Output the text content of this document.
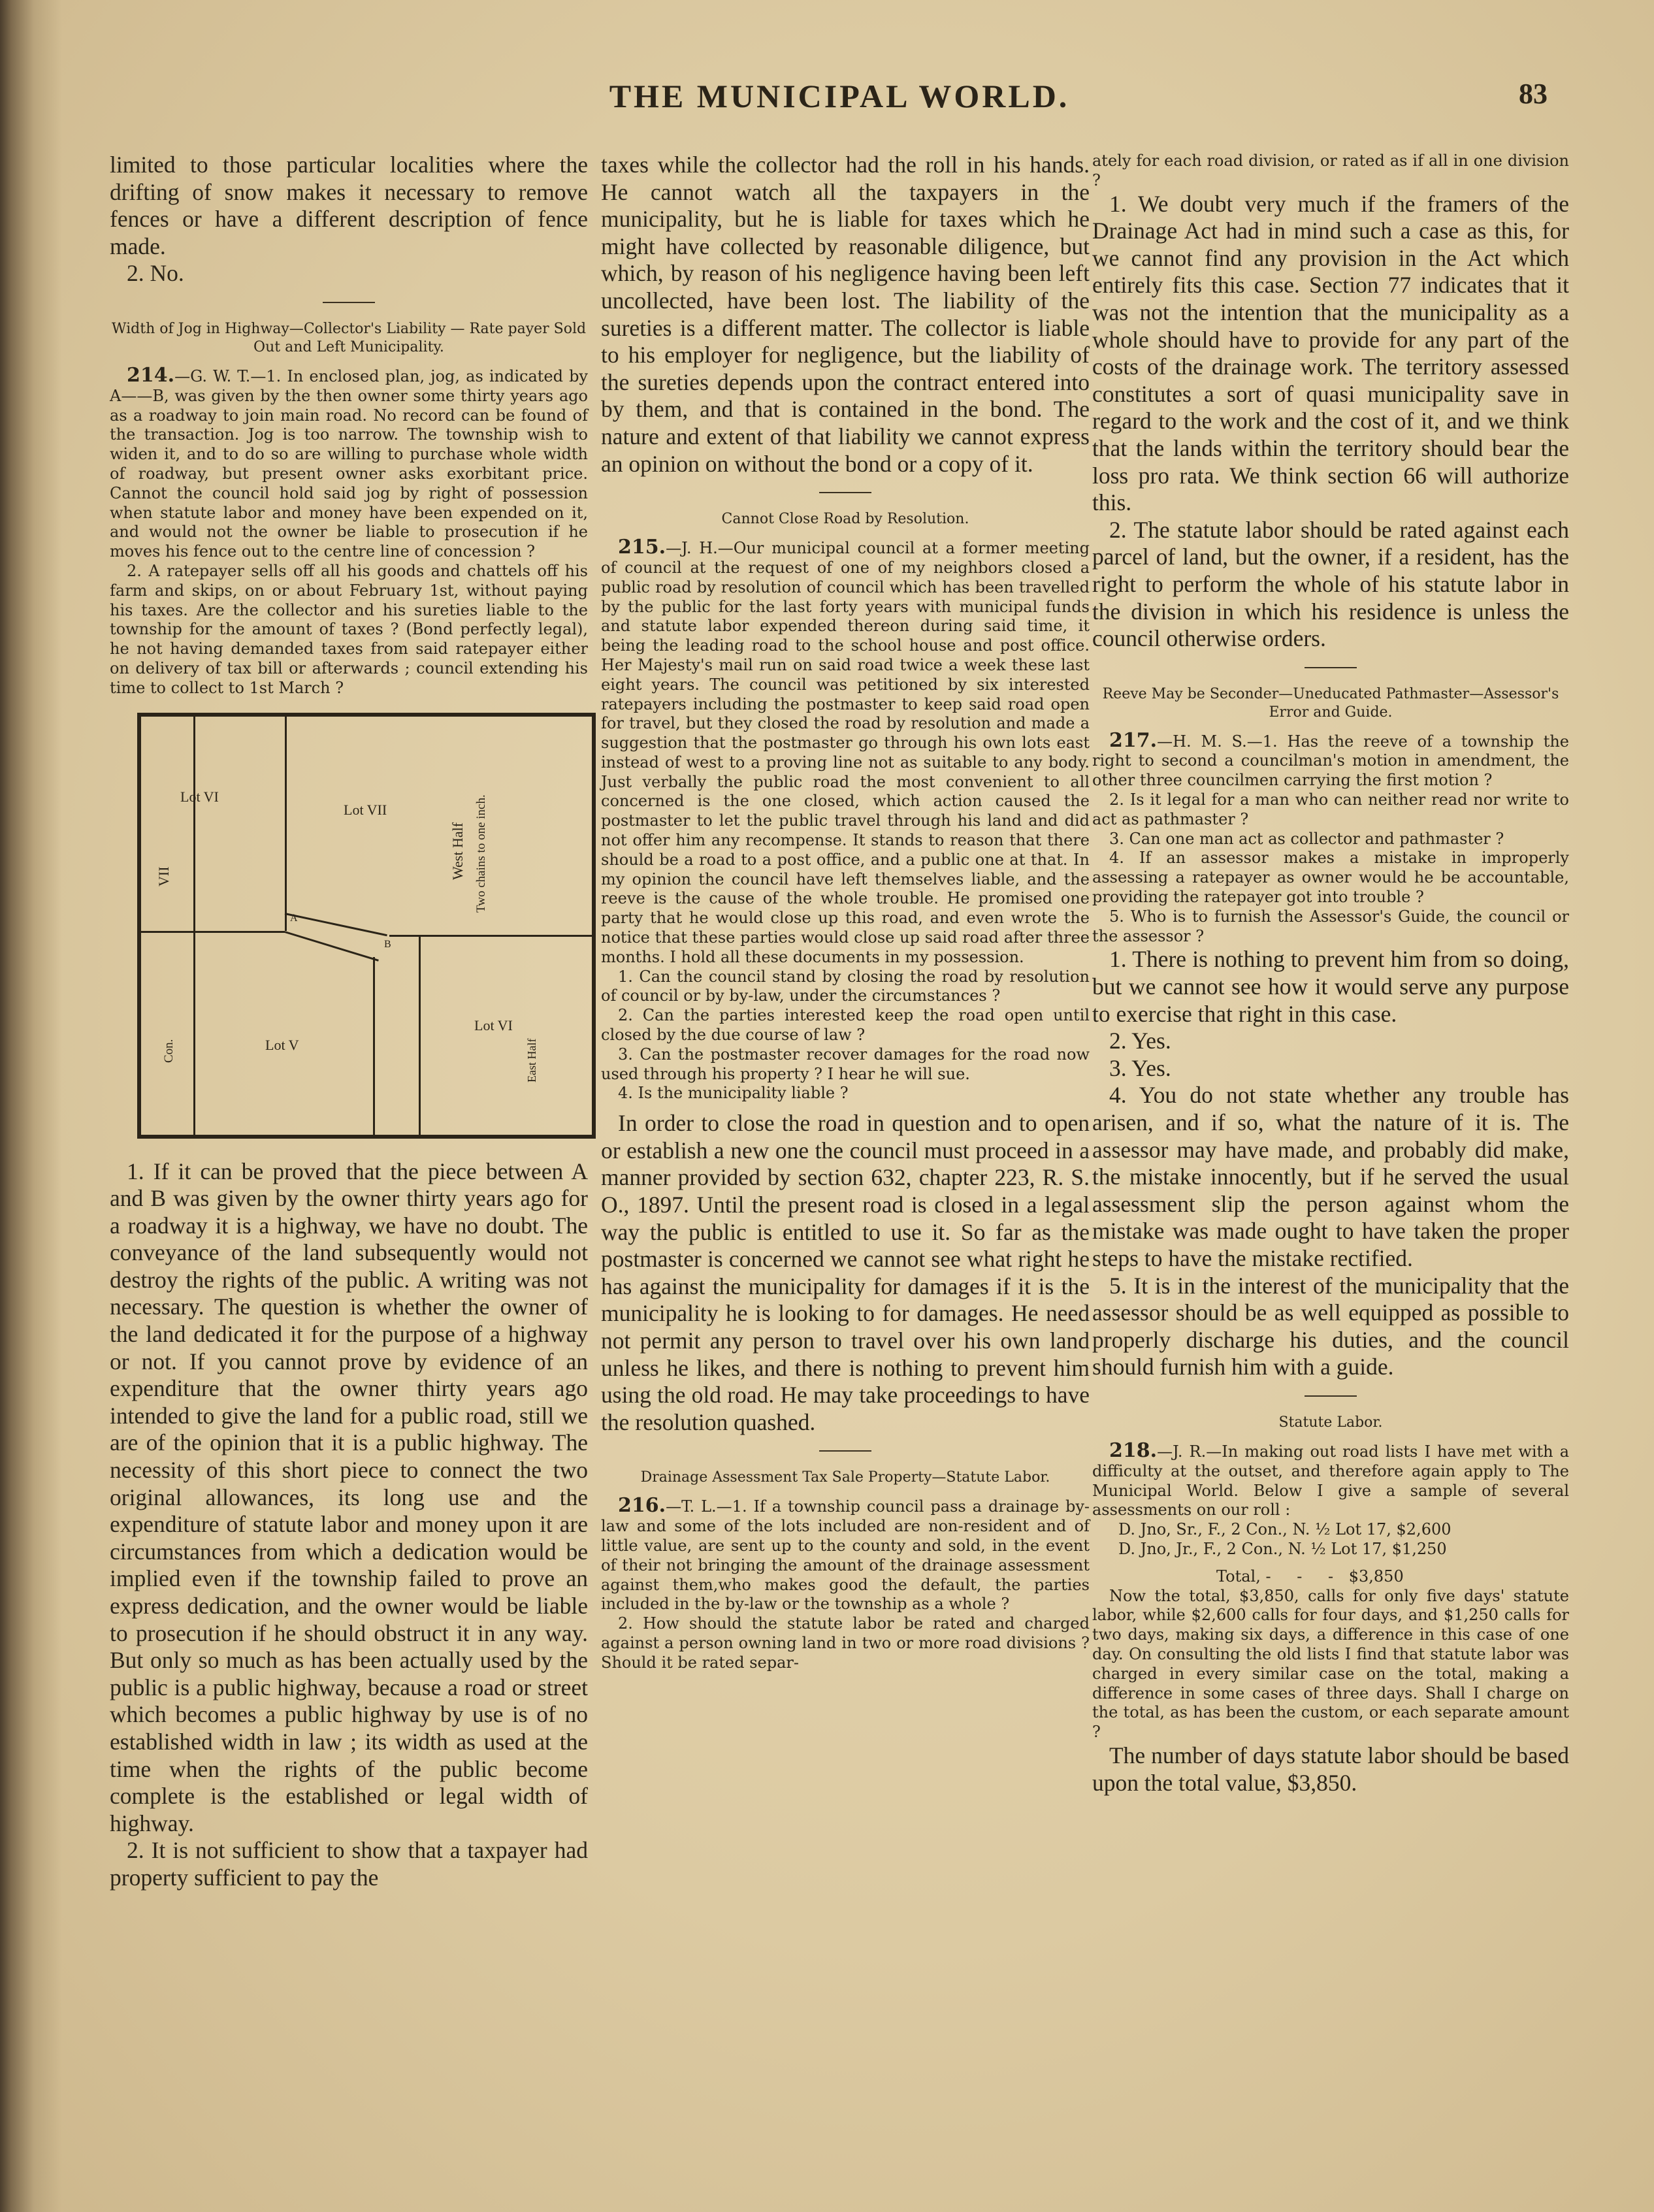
THE MUNICIPAL WORLD.	83

limited to those particular localities where the drifting of snow makes it necessary to remove fences or have a different description of fence made.

2. No.

Width of Jog in Highway—Collector's Liability — Rate payer Sold Out and Left Municipality.

214.—G. W. T.—1. In enclosed plan, jog, as indicated by A——B, was given by the then owner some thirty years ago as a roadway to join main road. No record can be found of the transaction. Jog is too narrow. The township wish to widen it, and to do so are willing to purchase whole width of roadway, but present owner asks exorbitant price. Cannot the council hold said jog by right of possession when statute labor and money have been expended on it, and would not the owner be liable to prosecution if he moves his fence out to the centre line of concession ?

2. A ratepayer sells off all his goods and chattels off his farm and skips, on or about February 1st, without paying his taxes. Are the collector and his sureties liable to the township for the amount of taxes ? (Bond perfectly legal), he not having demanded taxes from said ratepayer either on delivery of tax bill or afterwards ; council extending his time to collect to 1st March ?

Lot VI
Lot VII
VII	West Half Two chains to one inch.
A
B
Con.	Lot V
Lot VI
East Half

1. If it can be proved that the piece between A and B was given by the owner thirty years ago for a roadway it is a highway, we have no doubt. The conveyance of the land subsequently would not destroy the rights of the public. A writing was not necessary. The question is whether the owner of the land dedicated it for the purpose of a highway or not. If you cannot prove by evidence of an expenditure that the owner thirty years ago intended to give the land for a public road, still we are of the opinion that it is a public highway. The necessity of this short piece to connect the two original allowances, its long use and the expenditure of statute labor and money upon it are circumstances from which a dedication would be implied even if the township failed to prove an express dedication, and the owner would be liable to prosecution if he should obstruct it in any way. But only so much as has been actually used by the public is a public highway, because a road or street which becomes a public highway by use is of no established width in law ; its width as used at the time when the rights of the public become complete is the established or legal width of highway.

2. It is not sufficient to show that a taxpayer had property sufficient to pay the

taxes while the collector had the roll in his hands. He cannot watch all the taxpayers in the municipality, but he is liable for taxes which he might have collected by reasonable diligence, but which, by reason of his negligence having been left uncollected, have been lost. The liability of the sureties is a different matter. The collector is liable to his employer for negligence, but the liability of the sureties depends upon the contract entered into by them, and that is contained in the bond. The nature and extent of that liability we cannot express an opinion on without the bond or a copy of it.

Cannot Close Road by Resolution.

215.—J. H.—Our municipal council at a former meeting of council at the request of one of my neighbors closed a public road by resolution of council which has been travelled by the public for the last forty years with municipal funds and statute labor expended thereon during said time, it being the leading road to the school house and post office. Her Majesty's mail run on said road twice a week these last eight years. The council was petitioned by six interested ratepayers including the postmaster to keep said road open for travel, but they closed the road by resolution and made a suggestion that the postmaster go through his own lots east instead of west to a proving line not as suitable to any body. Just verbally the public road the most convenient to all concerned is the one closed, which action caused the postmaster to let the public travel through his land and did not offer him any recompense. It stands to reason that there should be a road to a post office, and a public one at that. In my opinion the council have left themselves liable, and the reeve is the cause of the whole trouble. He promised one party that he would close up this road, and even wrote the notice that these parties would close up said road after three months. I hold all these documents in my possession.

1. Can the council stand by closing the road by resolution of council or by by-law, under the circumstances ?

2. Can the parties interested keep the road open until closed by the due course of law ?

3. Can the postmaster recover damages for the road now used through his property ? I hear he will sue.

4. Is the municipality liable ?

In order to close the road in question and to open or establish a new one the council must proceed in a manner provided by section 632, chapter 223, R. S. O., 1897. Until the present road is closed in a legal way the public is entitled to use it. So far as the postmaster is concerned we cannot see what right he has against the municipality for damages if it is the municipality he is looking to for damages. He need not permit any person to travel over his own land unless he likes, and there is nothing to prevent him using the old road. He may take proceedings to have the resolution quashed.

Drainage Assessment Tax Sale Property—Statute Labor.

216.—T. L.—1. If a township council pass a drainage by-law and some of the lots included are non-resident and of little value, are sent up to the county and sold, in the event of their not bringing the amount of the drainage assessment against them,who makes good the default, the parties included in the by-law or the township as a whole ?

2. How should the statute labor be rated and charged against a person owning land in two or more road divisions ? Should it be rated separ-

ately for each road division, or rated as if all in one division ?

1. We doubt very much if the framers of the Drainage Act had in mind such a case as this, for we cannot find any provision in the Act which entirely fits this case. Section 77 indicates that it was not the intention that the municipality as a whole should have to provide for any part of the costs of the drainage work. The territory assessed constitutes a sort of quasi municipality save in regard to the work and the cost of it, and we think that the lands within the territory should bear the loss pro rata. We think section 66 will authorize this.

2. The statute labor should be rated against each parcel of land, but the owner, if a resident, has the right to perform the whole of his statute labor in the division in which his residence is unless the council otherwise orders.

Reeve May be Seconder—Uneducated Pathmaster—Assessor's Error and Guide.

217.—H. M. S.—1. Has the reeve of a township the right to second a councilman's motion in amendment, the other three councilmen carrying the first motion ?

2. Is it legal for a man who can neither read nor write to act as pathmaster ?

3. Can one man act as collector and pathmaster ?

4. If an assessor makes a mistake in improperly assessing a ratepayer as owner would he be accountable, providing the ratepayer got into trouble ?

5. Who is to furnish the Assessor's Guide, the council or the assessor ?

1. There is nothing to prevent him from so doing, but we cannot see how it would serve any purpose to exercise that right in this case.

2. Yes.

3. Yes.

4. You do not state whether any trouble has arisen, and if so, what the nature of it is. The assessor may have made, and probably did make, the mistake innocently, but if he served the usual assessment slip the person against whom the mistake was made ought to have taken the proper steps to have the mistake rectified.

5. It is in the interest of the municipality that the assessor should be as well equipped as possible to properly discharge his duties, and the council should furnish him with a guide.

Statute Labor.

218.—J. R.—In making out road lists I have met with a difficulty at the outset, and therefore again apply to The Municipal World. Below I give a sample of several assessments on our roll :

D. Jno, Sr., F., 2 Con., N. ½ Lot 17, $2,600

D. Jno, Jr., F., 2 Con., N. ½ Lot 17, $1,250

Total, - - - $3,850

Now the total, $3,850, calls for only five days' statute labor, while $2,600 calls for four days, and $1,250 calls for two days, making six days, a difference in this case of one day. On consulting the old lists I find that statute labor was charged in every similar case on the total, making a difference in some cases of three days. Shall I charge on the total, as has been the custom, or each separate amount ?

The number of days statute labor should be based upon the total value, $3,850.
